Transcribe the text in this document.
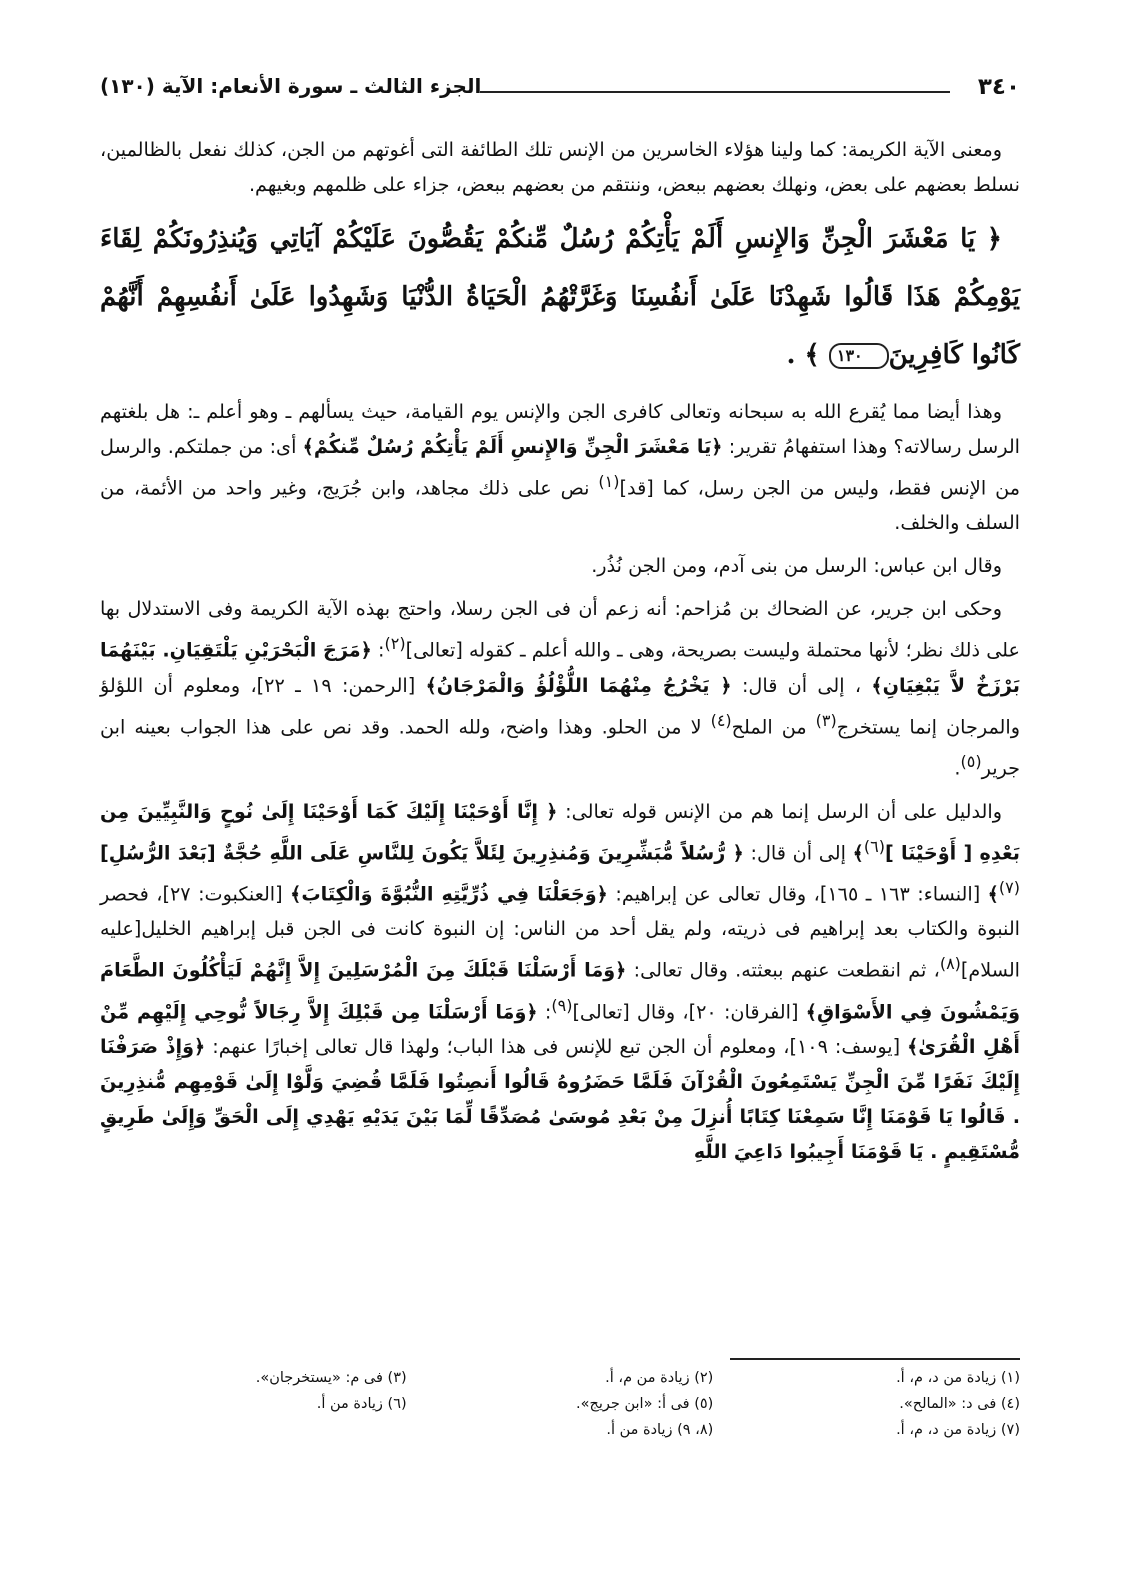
٣٤٠
الجزء الثالث ـ سورة الأنعام: الآية (١٣٠)

ومعنى الآية الكريمة: كما ولينا هؤلاء الخاسرين من الإنس تلك الطائفة التى أغوتهم من الجن، كذلك نفعل بالظالمين، نسلط بعضهم على بعض، ونهلك بعضهم ببعض، وننتقم من بعضهم ببعض، جزاء على ظلمهم وبغيهم.

﴿ يَا مَعْشَرَ الْجِنِّ وَالإِنسِ أَلَمْ يَأْتِكُمْ رُسُلٌ مِّنكُمْ يَقُصُّونَ عَلَيْكُمْ آيَاتِي وَيُنذِرُونَكُمْ لِقَاءَ يَوْمِكُمْ هَذَا قَالُوا شَهِدْنَا عَلَىٰ أَنفُسِنَا وَغَرَّتْهُمُ الْحَيَاةُ الدُّنْيَا وَشَهِدُوا عَلَىٰ أَنفُسِهِمْ أَنَّهُمْ كَانُوا كَافِرِينَ١٣٠ ﴾ .

وهذا أيضا مما يُقرع الله به سبحانه وتعالى كافرى الجن والإنس يوم القيامة، حيث يسألهم ـ وهو أعلم ـ: هل بلغتهم الرسل رسالاته؟ وهذا استفهامُ تقرير: ﴿يَا مَعْشَرَ الْجِنِّ وَالإِنسِ أَلَمْ يَأْتِكُمْ رُسُلٌ مِّنكُمْ﴾ أى: من جملتكم. والرسل من الإنس فقط، وليس من الجن رسل، كما [قد]$^{(١)}$ نص على ذلك مجاهد، وابن جُرَيج، وغير واحد من الأئمة، من السلف والخلف.

وقال ابن عباس: الرسل من بنى آدم، ومن الجن نُذُر.

وحكى ابن جرير، عن الضحاك بن مُزاحم: أنه زعم أن فى الجن رسلا، واحتج بهذه الآية الكريمة وفى الاستدلال بها على ذلك نظر؛ لأنها محتملة وليست بصريحة، وهى ـ والله أعلم ـ كقوله [تعالى]$^{(٢)}$: ﴿مَرَجَ الْبَحْرَيْنِ يَلْتَقِيَانِ. بَيْنَهُمَا بَرْزَخٌ لاَّ يَبْغِيَانِ﴾ ، إلى أن قال: ﴿ يَخْرُجُ مِنْهُمَا اللُّؤْلُؤُ وَالْمَرْجَانُ﴾ [الرحمن: ١٩ ـ ٢٢]، ومعلوم أن اللؤلؤ والمرجان إنما يستخرج$^{(٣)}$ من الملح$^{(٤)}$ لا من الحلو. وهذا واضح، ولله الحمد. وقد نص على هذا الجواب بعينه ابن جرير$^{(٥)}$.

والدليل على أن الرسل إنما هم من الإنس قوله تعالى: ﴿ إِنَّا أَوْحَيْنَا إِلَيْكَ كَمَا أَوْحَيْنَا إِلَىٰ نُوحٍ وَالنَّبِيِّينَ مِن بَعْدِهِ [ أَوْحَيْنَا ]$^{(٦)}$﴾ إلى أن قال: ﴿ رُّسُلاً مُّبَشِّرِينَ وَمُنذِرِينَ لِئَلاَّ يَكُونَ لِلنَّاسِ عَلَى اللَّهِ حُجَّةٌ [بَعْدَ الرُّسُلِ]$^{(٧)}$﴾ [النساء: ١٦٣ ـ ١٦٥]، وقال تعالى عن إبراهيم: ﴿وَجَعَلْنَا فِي ذُرِّيَّتِهِ النُّبُوَّةَ وَالْكِتَابَ﴾ [العنكبوت: ٢٧]، فحصر النبوة والكتاب بعد إبراهيم فى ذريته، ولم يقل أحد من الناس: إن النبوة كانت فى الجن قبل إبراهيم الخليل[عليه السلام]$^{(٨)}$، ثم انقطعت عنهم ببعثته. وقال تعالى: ﴿وَمَا أَرْسَلْنَا قَبْلَكَ مِنَ الْمُرْسَلِينَ إِلاَّ إِنَّهُمْ لَيَأْكُلُونَ الطَّعَامَ وَيَمْشُونَ فِي الأَسْوَاقِ﴾ [الفرقان: ٢٠]، وقال [تعالى]$^{(٩)}$: ﴿وَمَا أَرْسَلْنَا مِن قَبْلِكَ إِلاَّ رِجَالاً نُّوحِي إِلَيْهِم مِّنْ أَهْلِ الْقُرَىٰ﴾ [يوسف: ١٠٩]، ومعلوم أن الجن تبع للإنس فى هذا الباب؛ ولهذا قال تعالى إخبارًا عنهم: ﴿وَإِذْ صَرَفْنَا إِلَيْكَ نَفَرًا مِّنَ الْجِنِّ يَسْتَمِعُونَ الْقُرْآنَ فَلَمَّا حَضَرُوهُ قَالُوا أَنصِتُوا فَلَمَّا قُضِيَ وَلَّوْا إِلَىٰ قَوْمِهِم مُّنذِرِينَ . قَالُوا يَا قَوْمَنَا إِنَّا سَمِعْنَا كِتَابًا أُنزِلَ مِنْ بَعْدِ مُوسَىٰ مُصَدِّقًا لِّمَا بَيْنَ يَدَيْهِ يَهْدِي إِلَى الْحَقِّ وَإِلَىٰ طَرِيقٍ مُّسْتَقِيمٍ . يَا قَوْمَنَا أَجِيبُوا دَاعِيَ اللَّهِ

(١) زيادة من د، م، أ.
(٢) زيادة من م، أ.
(٣) فى م: «يستخرجان».
(٤) فى د: «المالح».
(٥) فى أ: «ابن جريج».
(٦) زيادة من أ.
(٧) زيادة من د، م، أ.
(٨، ٩) زيادة من أ.
